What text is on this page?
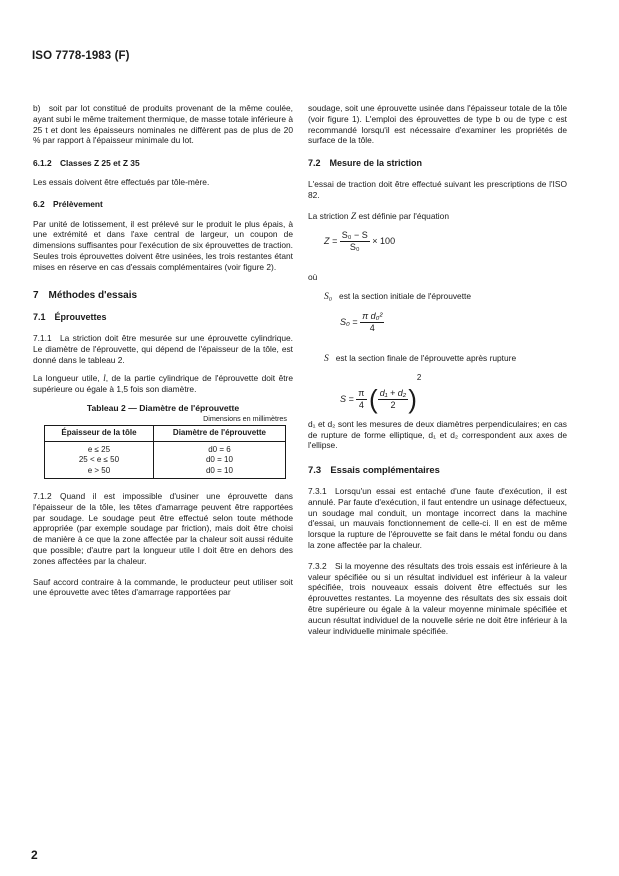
ISO 7778-1983 (F)

b) soit par lot constitué de produits provenant de la même coulée, ayant subi le même traitement thermique, de masse totale inférieure à 25 t et dont les épaisseurs nominales ne diffèrent pas de plus de 20 % par rapport à l'épaisseur minimale du lot.

6.1.2 Classes Z 25 et Z 35

Les essais doivent être effectués par tôle-mère.

6.2 Prélèvement

Par unité de lotissement, il est prélevé sur le produit le plus épais, à une extrémité et dans l'axe central de largeur, un coupon de dimensions suffisantes pour l'exécution de six éprouvettes de traction. Seules trois éprouvettes doivent être usinées, les trois restantes étant mises en réserve en cas d'essais complémentaires (voir figure 2).

7 Méthodes d'essais

7.1 Éprouvettes

7.1.1 La striction doit être mesurée sur une éprouvette cylindrique. Le diamètre de l'éprouvette, qui dépend de l'épaisseur de la tôle, est donné dans le tableau 2.

La longueur utile, l, de la partie cylindrique de l'éprouvette doit être supérieure ou égale à 1,5 fois son diamètre.

Tableau 2 — Diamètre de l'éprouvette
Dimensions en millimètres
Épaisseur de la tôle	Diamètre de l'éprouvette
e ≤ 25	d0 = 6
25 < e ≤ 50	d0 = 10
e > 50	d0 = 10

7.1.2 Quand il est impossible d'usiner une éprouvette dans l'épaisseur de la tôle, les têtes d'amarrage peuvent être rapportées par soudage. Le soudage peut être effectué selon toute méthode appropriée (par exemple soudage par friction), mais doit être choisi de manière à ce que la zone affectée par la chaleur soit aussi réduite que possible; d'autre part la longueur utile l doit être en dehors des zones affectées par la chaleur.

Sauf accord contraire à la commande, le producteur peut utiliser soit une éprouvette avec têtes d'amarrage rapportées par

soudage, soit une éprouvette usinée dans l'épaisseur totale de la tôle (voir figure 1). L'emploi des éprouvettes de type b ou de type c est recommandé lorsqu'il est nécessaire d'examiner les propriétés de surface de la tôle.

7.2 Mesure de la striction

L'essai de traction doit être effectué suivant les prescriptions de l'ISO 82.

La striction Z est définie par l'équation

$Z = \frac{\text{S₀ − S}}{\text{S₀}} \times 100$

où

S₀ est la section initiale de l'éprouvette

$S_0 = \frac{\text{π d₀²}}{4}$

S est la section finale de l'éprouvette après rupture

$S = \frac{\pi}{4}$ ( $\frac{\text{d₁ + d₂}}{2} )^2$

d₁ et d₂ sont les mesures de deux diamètres perpendiculaires; en cas de rupture de forme elliptique, d₁ et d₂ correspondent aux axes de l'ellipse.

7.3 Essais complémentaires

7.3.1 Lorsqu'un essai est entaché d'une faute d'exécution, il est annulé. Par faute d'exécution, il faut entendre un usinage défectueux, un soudage mal conduit, un montage incorrect dans la machine d'essai, un mauvais fonctionnement de celle-ci. Il en est de même lorsque la rupture de l'éprouvette se fait dans le métal fondu ou dans la zone affectée par la chaleur.

7.3.2 Si la moyenne des résultats des trois essais est inférieure à la valeur spécifiée ou si un résultat individuel est inférieur à la valeur spécifiée, trois nouveaux essais doivent être effectués sur les éprouvettes restantes. La moyenne des résultats des six essais doit être supérieure ou égale à la valeur moyenne minimale spécifiée et aucun résultat individuel de la nouvelle série ne doit être inférieur à la valeur individuelle minimale spécifiée.

2
